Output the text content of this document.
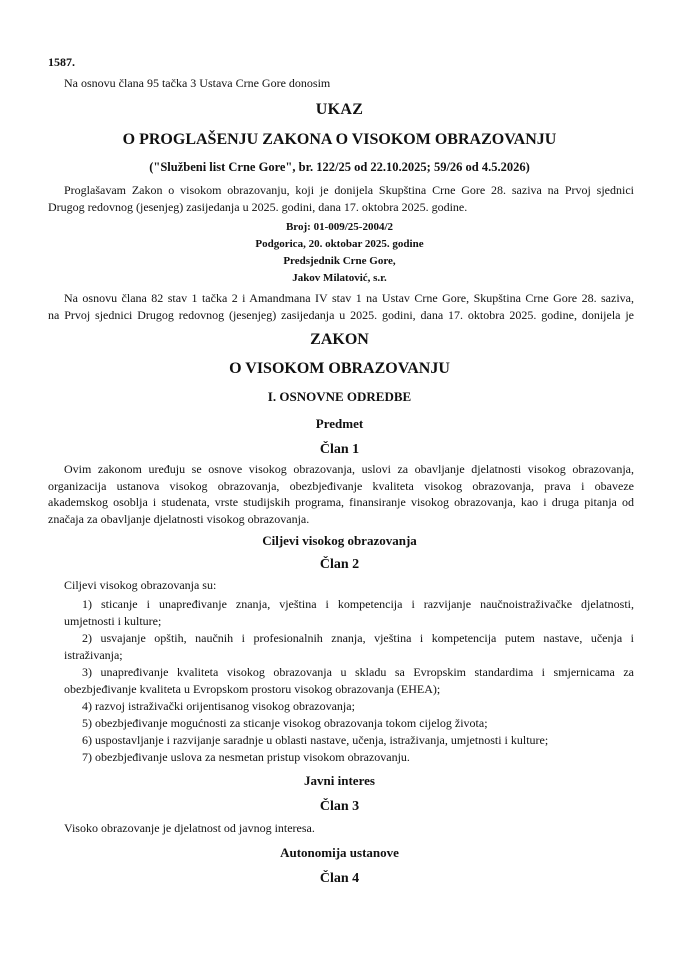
1587.
Na osnovu člana 95 tačka 3 Ustava Crne Gore donosim
UKAZ
O PROGLAŠENJU ZAKONA O VISOKOM OBRAZOVANJU
("Službeni list Crne Gore", br. 122/25 od 22.10.2025; 59/26 od 4.5.2026)
Proglašavam Zakon o visokom obrazovanju, koji je donijela Skupština Crne Gore 28. saziva na Prvoj sjednici
Drugog redovnog (jesenjeg) zasijedanja u 2025. godini, dana 17. oktobra 2025. godine.
Broj: 01-009/25-2004/2
Podgorica, 20. oktobar 2025. godine
Predsjednik Crne Gore,
Jakov Milatović, s.r.
Na osnovu člana 82 stav 1 tačka 2 i Amandmana IV stav 1 na Ustav Crne Gore, Skupština Crne Gore 28. saziva,
na Prvoj sjednici Drugog redovnog (jesenjeg) zasijedanja u 2025. godini, dana 17. oktobra 2025. godine, donijela je
ZAKON
O VISOKOM OBRAZOVANJU
I. OSNOVNE ODREDBE
Predmet
Član 1
Ovim zakonom uređuju se osnove visokog obrazovanja, uslovi za obavljanje djelatnosti visokog obrazovanja,
organizacija ustanova visokog obrazovanja, obezbjeđivanje kvaliteta visokog obrazovanja, prava i obaveze
akademskog osoblja i studenata, vrste studijskih programa, finansiranje visokog obrazovanja, kao i druga pitanja od
značaja za obavljanje djelatnosti visokog obrazovanja.
Ciljevi visokog obrazovanja
Član 2
Ciljevi visokog obrazovanja su:
1) sticanje i unapređivanje znanja, vještina i kompetencija i razvijanje naučnoistraživačke djelatnosti,
umjetnosti i kulture;
2) usvajanje opštih, naučnih i profesionalnih znanja, vještina i kompetencija putem nastave, učenja i
istraživanja;
3) unapređivanje kvaliteta visokog obrazovanja u skladu sa Evropskim standardima i smjernicama za
obezbjeđivanje kvaliteta u Evropskom prostoru visokog obrazovanja (EHEA);
4) razvoj istraživački orijentisanog visokog obrazovanja;
5) obezbjeđivanje mogućnosti za sticanje visokog obrazovanja tokom cijelog života;
6) uspostavljanje i razvijanje saradnje u oblasti nastave, učenja, istraživanja, umjetnosti i kulture;
7) obezbjeđivanje uslova za nesmetan pristup visokom obrazovanju.
Javni interes
Član 3
Visoko obrazovanje je djelatnost od javnog interesa.
Autonomija ustanove
Član 4
